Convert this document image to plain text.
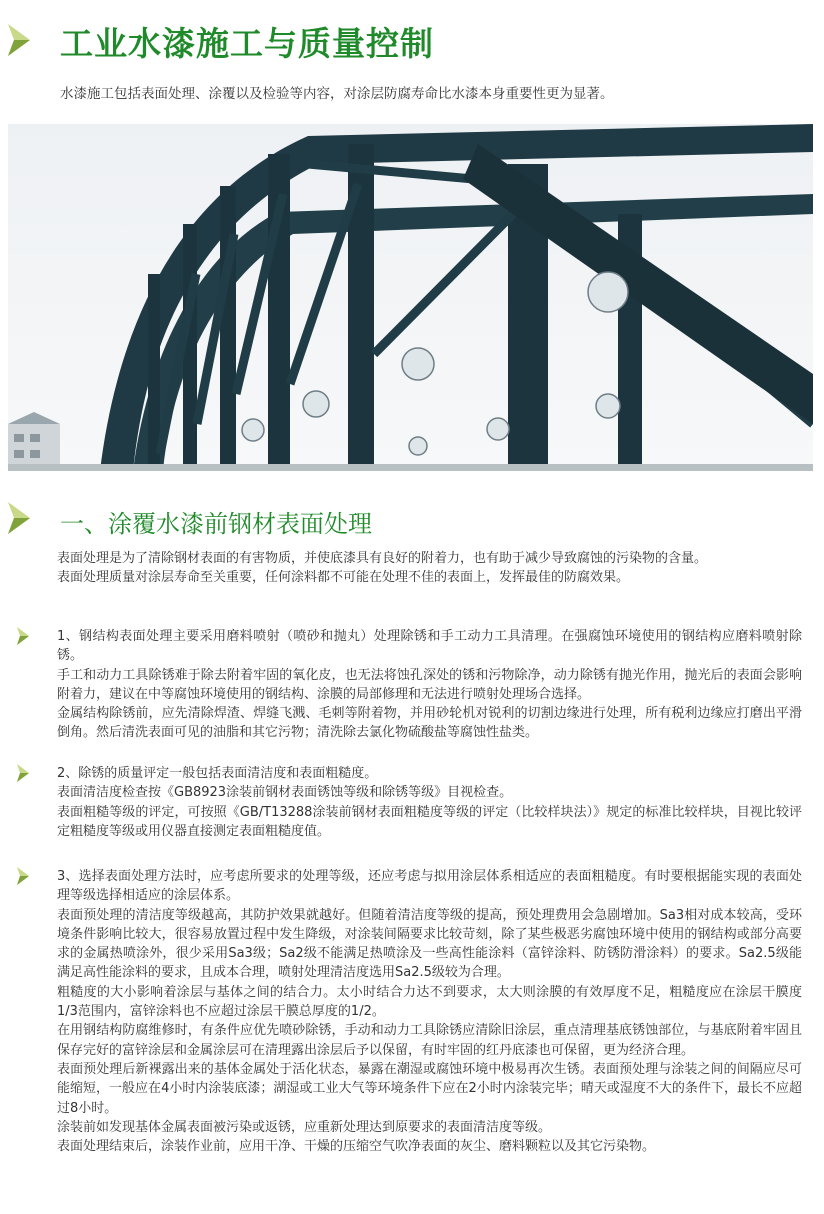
工业水漆施工与质量控制

水漆施工包括表面处理、涂覆以及检验等内容，对涂层防腐寿命比水漆本身重要性更为显著。

一、涂覆水漆前钢材表面处理

表面处理是为了清除钢材表面的有害物质，并使底漆具有良好的附着力，也有助于减少导致腐蚀的污染物的含量。

表面处理质量对涂层寿命至关重要，任何涂料都不可能在处理不佳的表面上，发挥最佳的防腐效果。

1、钢结构表面处理主要采用磨料喷射（喷砂和抛丸）处理除锈和手工动力工具清理。在强腐蚀环境使用的钢结构应磨料喷射除锈。

手工和动力工具除锈难于除去附着牢固的氧化皮，也无法将蚀孔深处的锈和污物除净，动力除锈有抛光作用，抛光后的表面会影响附着力，建议在中等腐蚀环境使用的钢结构、涂膜的局部修理和无法进行喷射处理场合选择。

金属结构除锈前，应先清除焊渣、焊缝飞溅、毛刺等附着物，并用砂轮机对锐利的切割边缘进行处理，所有税利边缘应打磨出平滑倒角。然后清洗表面可见的油脂和其它污物；清洗除去氯化物硫酸盐等腐蚀性盐类。

2、除锈的质量评定一般包括表面清洁度和表面粗糙度。

表面清洁度检查按《GB8923涂装前钢材表面锈蚀等级和除锈等级》目视检查。

表面粗糙等级的评定，可按照《GB/T13288涂装前钢材表面粗糙度等级的评定（比较样块法）》规定的标准比较样块，目视比较评定粗糙度等级或用仪器直接测定表面粗糙度值。

3、选择表面处理方法时，应考虑所要求的处理等级，还应考虑与拟用涂层体系相适应的表面粗糙度。有时要根据能实现的表面处理等级选择相适应的涂层体系。

表面预处理的清洁度等级越高，其防护效果就越好。但随着清洁度等级的提高，预处理费用会急剧增加。Sa3相对成本较高，受环境条件影响比较大，很容易放置过程中发生降级，对涂装间隔要求比较苛刻，除了某些极恶劣腐蚀环境中使用的钢结构或部分高要求的金属热喷涂外，很少采用Sa3级；Sa2级不能满足热喷涂及一些高性能涂料（富锌涂料、防锈防滑涂料）的要求。Sa2.5级能满足高性能涂料的要求，且成本合理，喷射处理清洁度选用Sa2.5级较为合理。

粗糙度的大小影响着涂层与基体之间的结合力。太小时结合力达不到要求，太大则涂膜的有效厚度不足，粗糙度应在涂层干膜度1/3范围内，富锌涂料也不应超过涂层干膜总厚度的1/2。

在用钢结构防腐维修时，有条件应优先喷砂除锈，手动和动力工具除锈应清除旧涂层，重点清理基底锈蚀部位，与基底附着牢固且保存完好的富锌涂层和金属涂层可在清理露出涂层后予以保留，有时牢固的红丹底漆也可保留，更为经济合理。

表面预处理后新裸露出来的基体金属处于活化状态，暴露在潮湿或腐蚀环境中极易再次生锈。表面预处理与涂装之间的间隔应尽可能缩短，一般应在4小时内涂装底漆；湖湿或工业大气等环境条件下应在2小时内涂装完毕；晴天或湿度不大的条件下，最长不应超过8小时。

涂装前如发现基体金属表面被污染或返锈，应重新处理达到原要求的表面清洁度等级。

表面处理结束后，涂装作业前，应用干净、干燥的压缩空气吹净表面的灰尘、磨料颗粒以及其它污染物。
